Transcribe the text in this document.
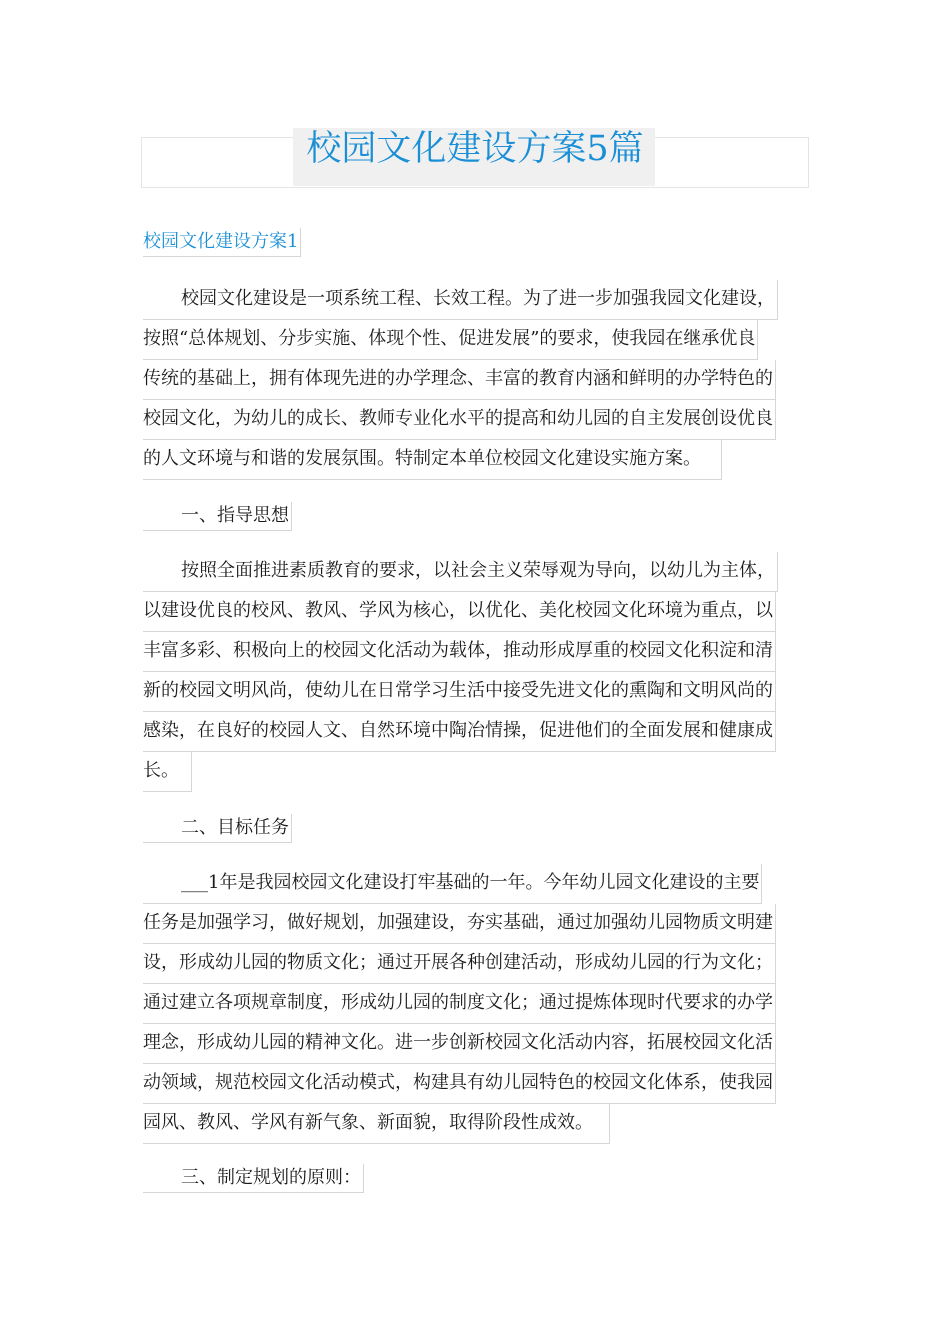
校园文化建设方案5篇
校园文化建设方案1
校园文化建设是一项系统工程、长效工程。为了进一步加强我园文化建设，
按照“总体规划、分步实施、体现个性、促进发展”的要求，使我园在继承优良
传统的基础上，拥有体现先进的办学理念、丰富的教育内涵和鲜明的办学特色的
校园文化，为幼儿的成长、教师专业化水平的提高和幼儿园的自主发展创设优良
的人文环境与和谐的发展氛围。特制定本单位校园文化建设实施方案。
一、指导思想
按照全面推进素质教育的要求，以社会主义荣辱观为导向，以幼儿为主体，
以建设优良的校风、教风、学风为核心，以优化、美化校园文化环境为重点，以
丰富多彩、积极向上的校园文化活动为载体，推动形成厚重的校园文化积淀和清
新的校园文明风尚，使幼儿在日常学习生活中接受先进文化的熏陶和文明风尚的
感染，在良好的校园人文、自然环境中陶冶情操，促进他们的全面发展和健康成
长。
二、目标任务
___1年是我园校园文化建设打牢基础的一年。今年幼儿园文化建设的主要
任务是加强学习，做好规划，加强建设，夯实基础，通过加强幼儿园物质文明建
设，形成幼儿园的物质文化；通过开展各种创建活动，形成幼儿园的行为文化；
通过建立各项规章制度，形成幼儿园的制度文化；通过提炼体现时代要求的办学
理念，形成幼儿园的精神文化。进一步创新校园文化活动内容，拓展校园文化活
动领域，规范校园文化活动模式，构建具有幼儿园特色的校园文化体系，使我园
园风、教风、学风有新气象、新面貌，取得阶段性成效。
三、制定规划的原则：
